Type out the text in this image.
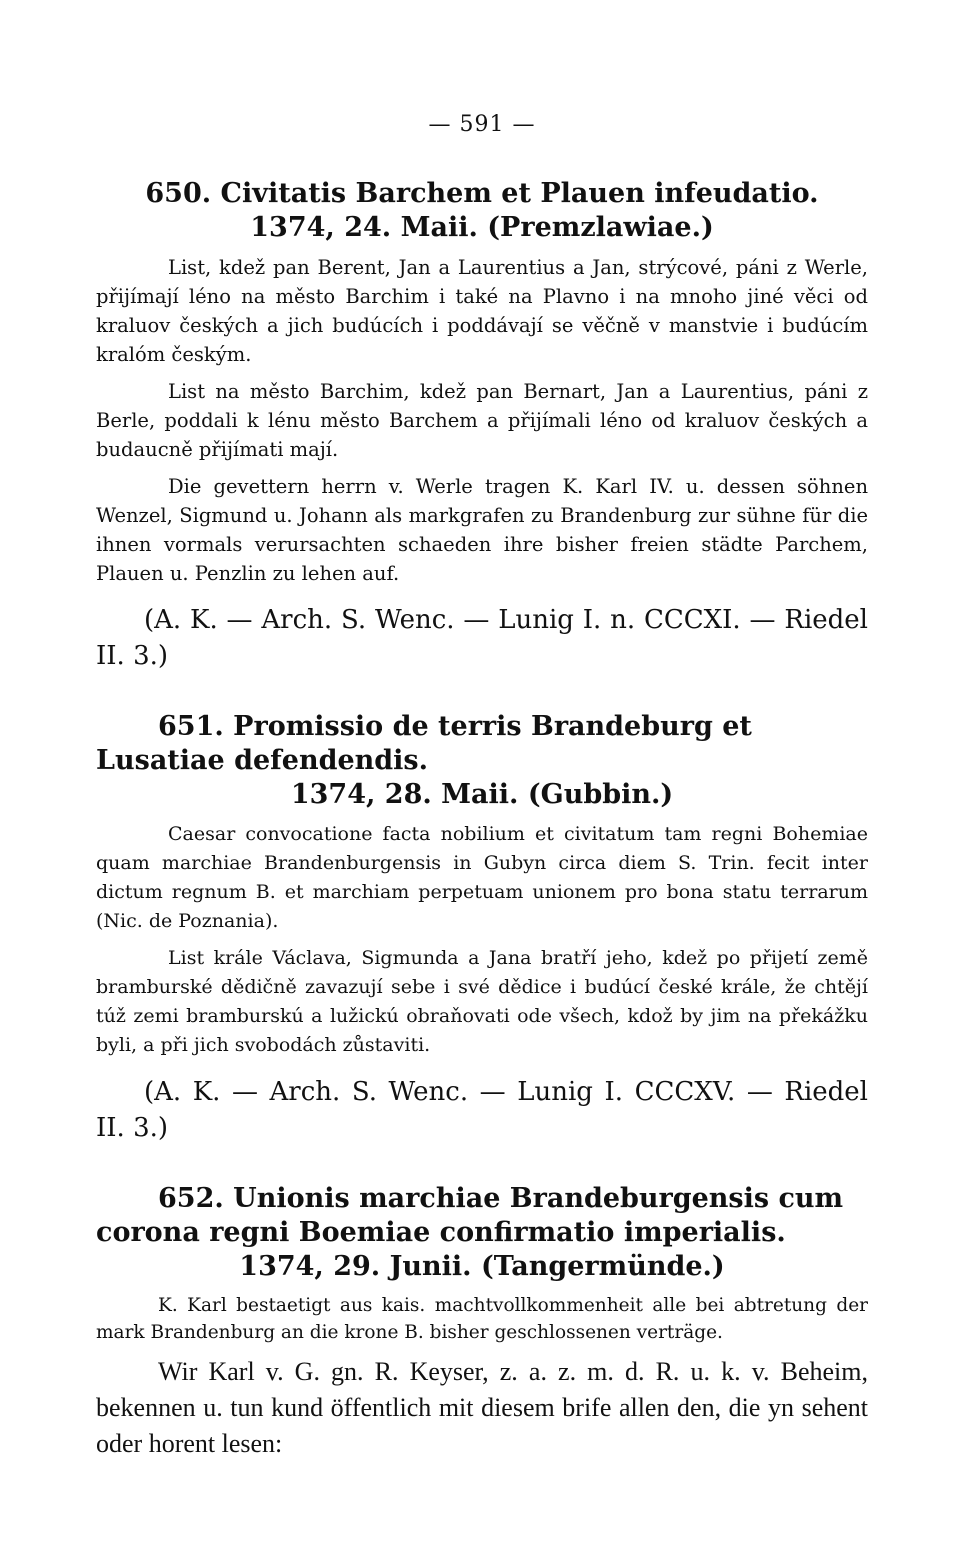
— 591 —
650. Civitatis Barchem et Plauen infeudatio.
1374, 24. Maii. (Premzlawiae.)

List, kdež pan Berent, Jan a Laurentius a Jan, strýcové, páni z Werle, přijímají léno na město Barchim i také na Plavno i na mnoho jiné věci od kraluov českých a jich budúcích i poddávají se věčně v manstvie i budúcím kralóm českým.

List na město Barchim, kdež pan Bernart, Jan a Laurentius, páni z Berle, poddali k lénu město Barchem a přijímali léno od kraluov českých a budaucně přijímati mají.

Die gevettern herrn v. Werle tragen K. Karl IV. u. dessen söhnen Wenzel, Sigmund u. Johann als markgrafen zu Brandenburg zur sühne für die ihnen vormals verursachten schaeden ihre bisher freien städte Parchem, Plauen u. Penzlin zu lehen auf.

(A. K. — Arch. S. Wenc. — Lunig I. n. CCCXI. — Riedel II. 3.)

651. Promissio de terris Brandeburg et Lusatiae defendendis.
1374, 28. Maii. (Gubbin.)

Caesar convocatione facta nobilium et civitatum tam regni Bohemiae quam marchiae Brandenburgensis in Gubyn circa diem S. Trin. fecit inter dictum regnum B. et marchiam perpetuam unionem pro bona statu terrarum (Nic. de Poznania).

List krále Václava, Sigmunda a Jana bratří jeho, kdež po přijetí země bramburské dědičně zavazují sebe i své dědice i budúcí české krále, že chtějí túž zemi bramburskú a lužickú obraňovati ode všech, kdož by jim na překážku byli, a při jich svobodách zůstaviti.

(A. K. — Arch. S. Wenc. — Lunig I. CCCXV. — Riedel II. 3.)

652. Unionis marchiae Brandeburgensis cum corona regni Boemiae confirmatio imperialis.
1374, 29. Junii. (Tangermünde.)

K. Karl bestaetigt aus kais. machtvollkommenheit alle bei abtretung der mark Brandenburg an die krone B. bisher geschlossenen verträge.

Wir Karl v. G. gn. R. Keyser, z. a. z. m. d. R. u. k. v. Beheim, bekennen u. tun kund öffentlich mit diesem brife allen den, die yn sehent oder horent lesen:
